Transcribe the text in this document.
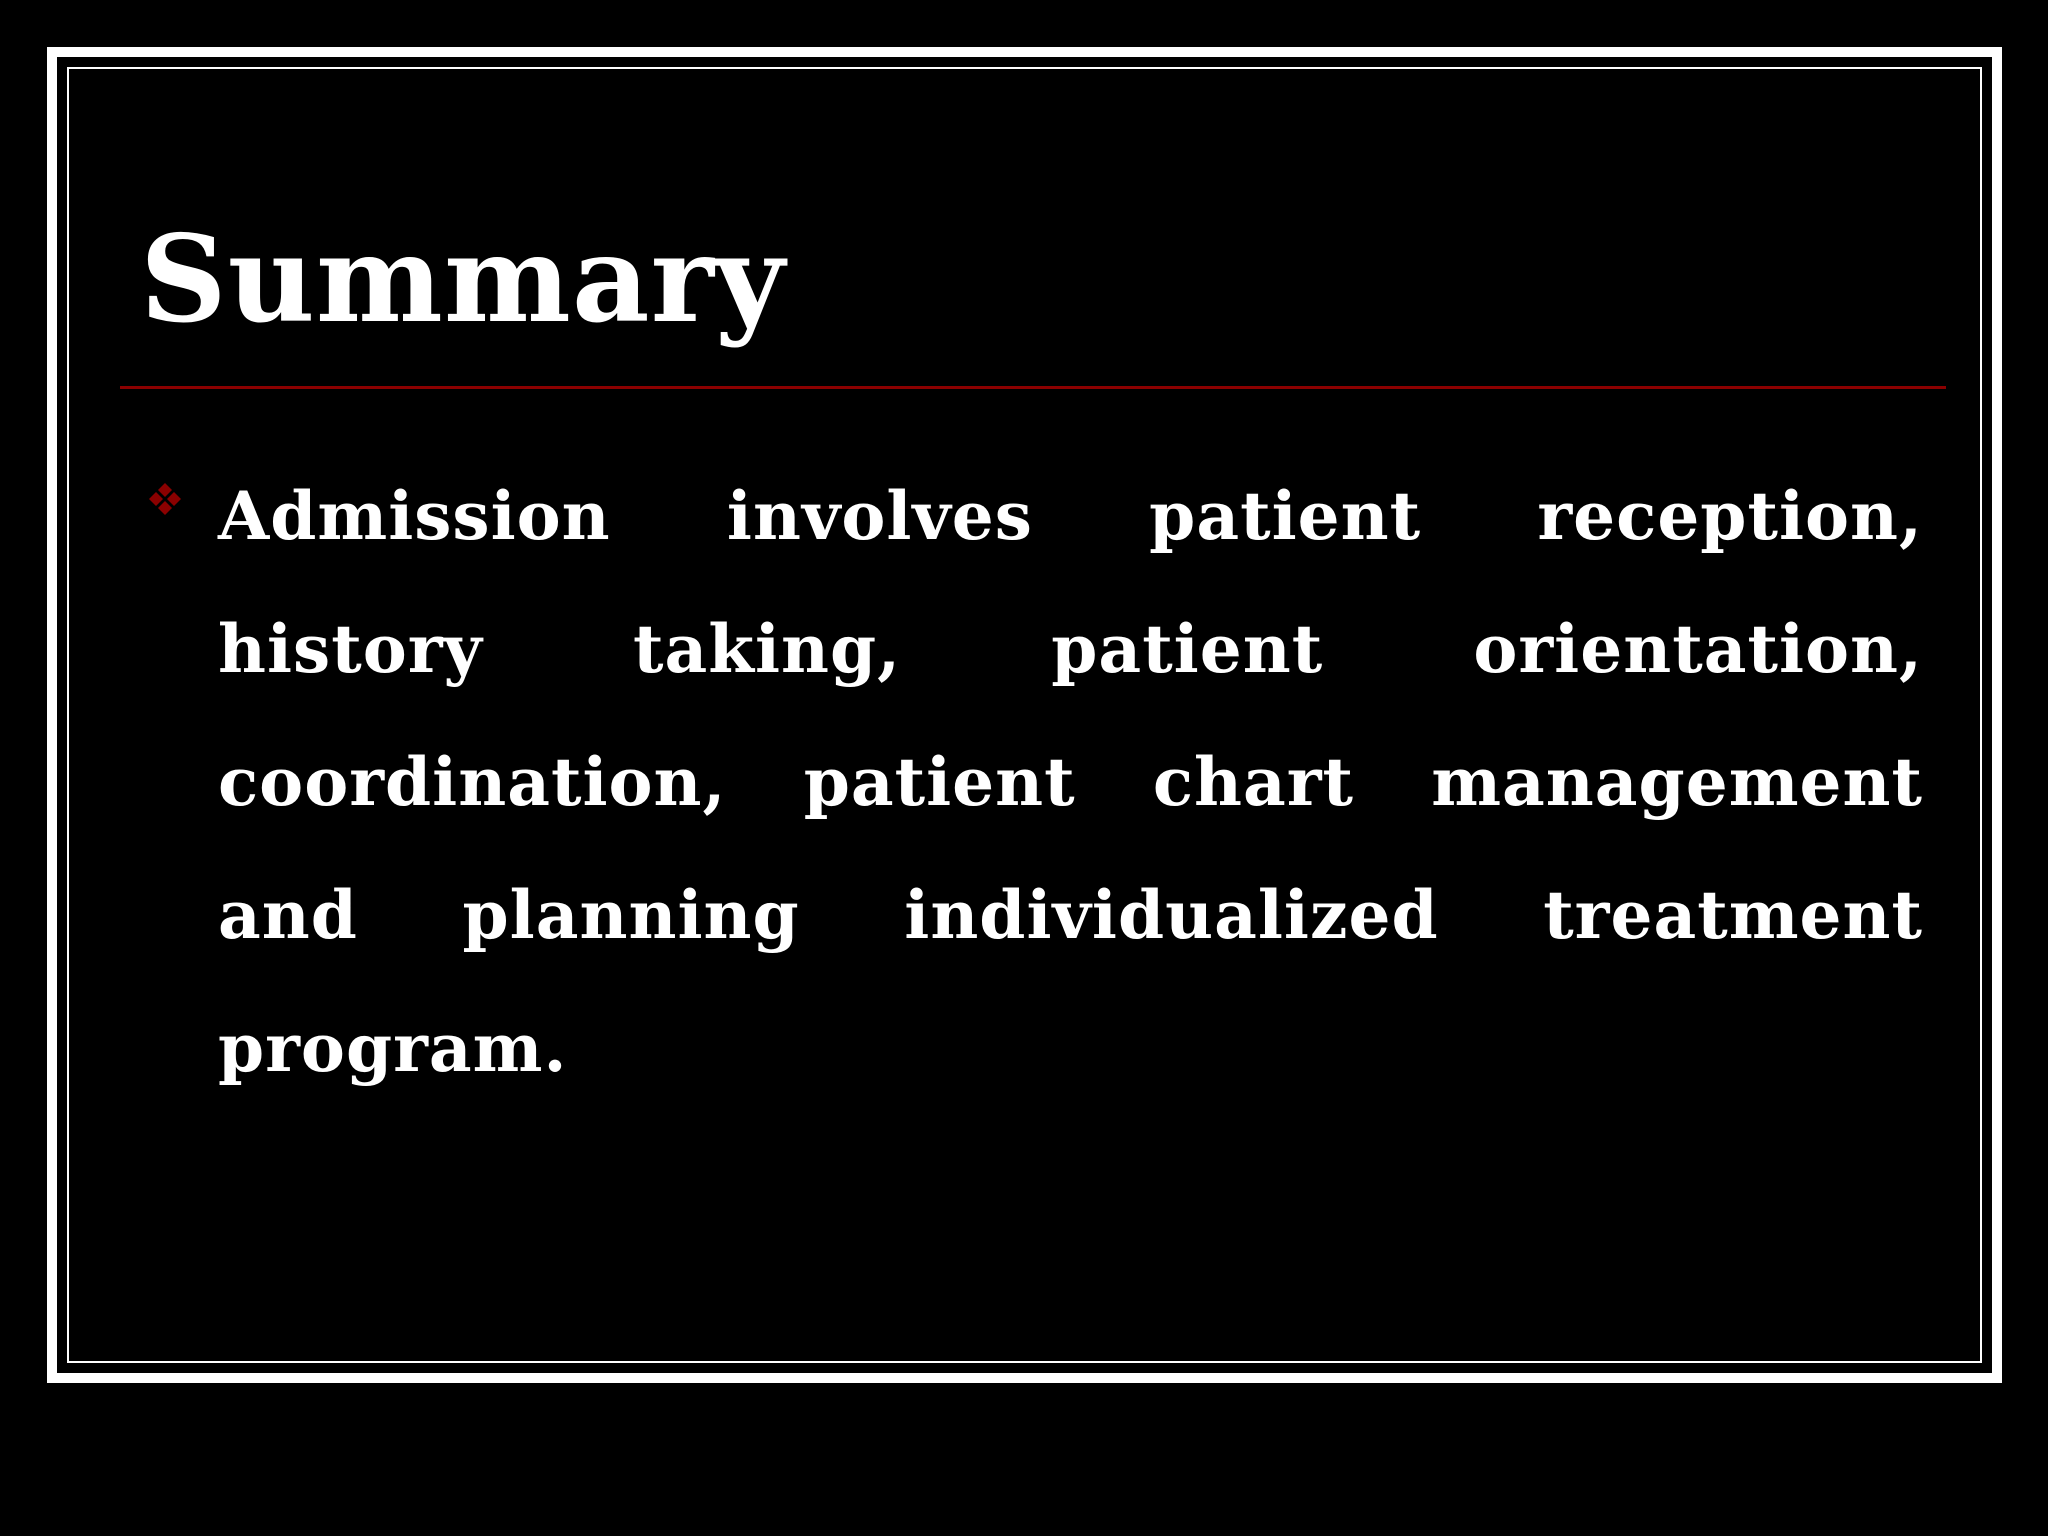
Summary

Admission involves patient reception, history taking, patient orientation, coordination, patient chart management and planning individualized treatment program.
